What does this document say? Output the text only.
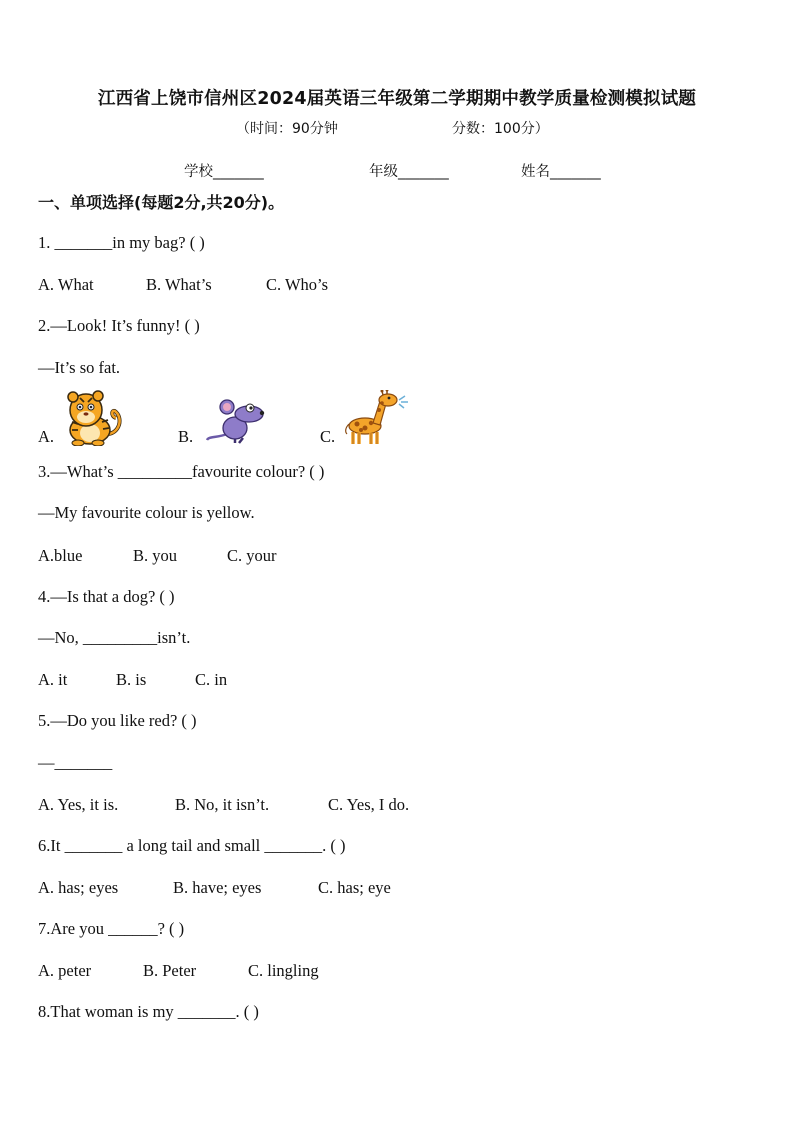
江西省上饶市信州区2024届英语三年级第二学期期中教学质量检测模拟试题
（时间：90分钟	分数：100分）
学校_______	年级_______	姓名_______
一、单项选择(每题2分,共20分)。
1. _______in my bag? ( )
A. What	B. What’s	C. Who’s
2.—Look! It’s funny! ( )
—It’s so fat.
A.	B.	C.
3.—What’s _________favourite colour? ( )
—My favourite colour is yellow.
A.blue	B. you	C. your
4.—Is that a dog? ( )
—No, _________isn’t.
A. it	B. is	C. in
5.—Do you like red? ( )
—_______
A. Yes, it is.	B. No, it isn’t.	C. Yes, I do.
6.It _______ a long tail and small _______. ( )
A. has; eyes	B. have; eyes	C. has; eye
7.Are you ______? ( )
A. peter	B. Peter	C. lingling
8.That woman is my _______. ( )
